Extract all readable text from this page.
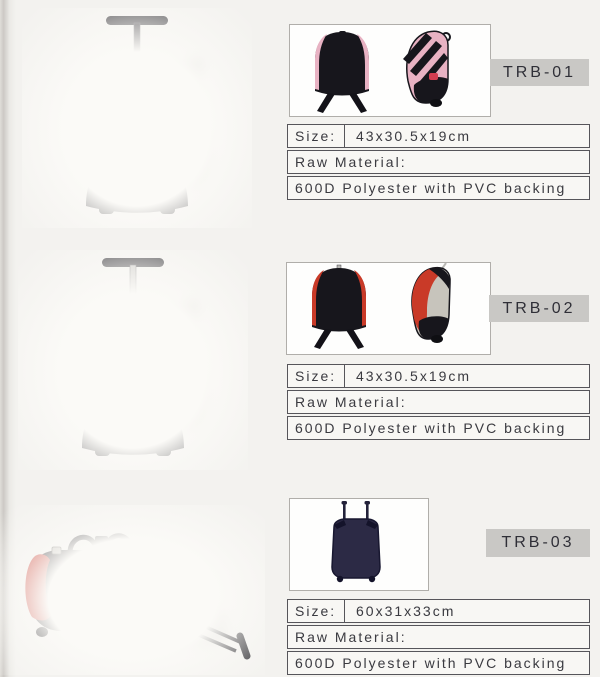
TRB-01
Size:	43x30.5x19cm
Raw Material:
600D Polyester with PVC backing
TRB-02
Size:	43x30.5x19cm
Raw Material:
600D Polyester with PVC backing
TRB-03
Size:	60x31x33cm
Raw Material:
600D Polyester with PVC backing
